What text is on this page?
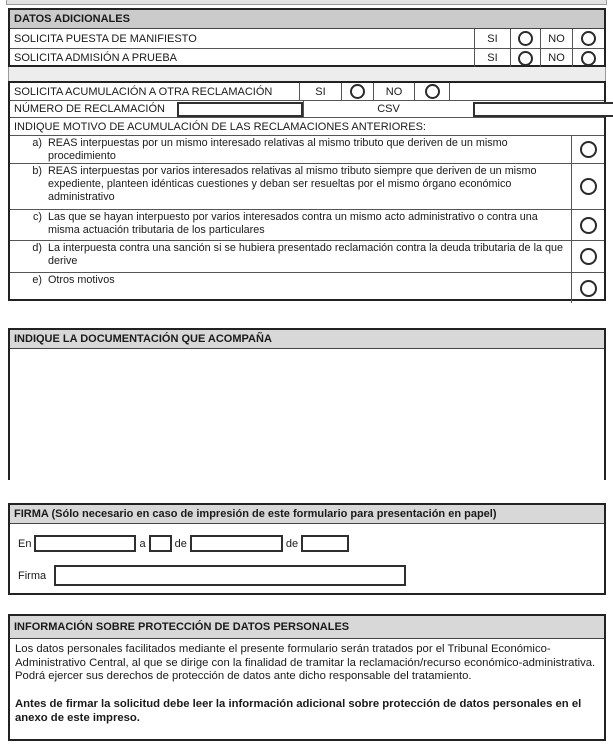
DATOS ADICIONALES
SOLICITA PUESTA DE MANIFIESTO	SI	NO
SOLICITA ADMISIÓN A PRUEBA	SI	NO
SOLICITA ACUMULACIÓN A OTRA RECLAMACIÓN	SI	NO
NÚMERO DE RECLAMACIÓN	CSV
INDIQUE MOTIVO DE ACUMULACIÓN DE LAS RECLAMACIONES ANTERIORES:
a) REAS interpuestas por un mismo interesado relativas al mismo tributo que deriven de un mismo procedimiento
b) REAS interpuestas por varios interesados relativas al mismo tributo siempre que deriven de un mismo expediente, planteen idénticas cuestiones y deban ser resueltas por el mismo órgano económico administrativo
c) Las que se hayan interpuesto por varios interesados contra un mismo acto administrativo o contra una misma actuación tributaria de los particulares
d) La interpuesta contra una sanción si se hubiera presentado reclamación contra la deuda tributaria de la que derive
e) Otros motivos
INDIQUE LA DOCUMENTACIÓN QUE ACOMPAÑA
FIRMA (Sólo necesario en caso de impresión de este formulario para presentación en papel)
En	a	de	de
Firma
INFORMACIÓN SOBRE PROTECCIÓN DE DATOS PERSONALES
Los datos personales facilitados mediante el presente formulario serán tratados por el Tribunal Económico-Administrativo Central, al que se dirige con la finalidad de tramitar la reclamación/recurso económico-administrativa. Podrá ejercer sus derechos de protección de datos ante dicho responsable del tratamiento.
Antes de firmar la solicitud debe leer la información adicional sobre protección de datos personales en el anexo de este impreso.
